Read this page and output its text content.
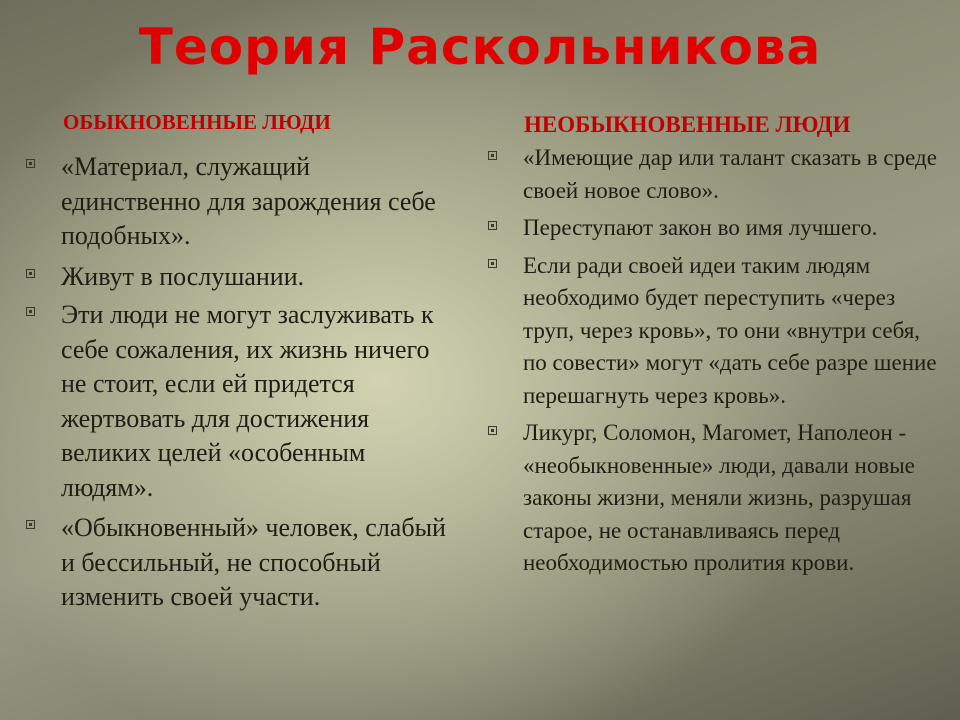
Теория Раскольникова
ОБЫКНОВЕННЫЕ ЛЮДИ	НЕОБЫКНОВЕННЫЕ ЛЮДИ
«Материал, служащий единственно для зарождения себе подобных».
Живут в послушании.
Эти люди не могут заслуживать к себе сожаления, их жизнь ничего не стоит, если ей придется жертвовать для достижения великих целей «особенным людям».
«Обыкновенный» человек, слабый и бессильный, не способный изменить своей участи.
«Имеющие дар или талант сказать в среде своей новое слово».
Переступают закон во имя лучшего.
Если ради своей идеи таким людям необходимо будет переступить «через труп, через кровь», то они «внутри себя, по совести» могут «дать себе разре шение перешагнуть через кровь».
Ликург, Соломон, Магомет, Наполеон - «необыкновенные» люди, давали новые законы жизни, меняли жизнь, разрушая старое, не останавливаясь перед необходимостью пролития крови.
